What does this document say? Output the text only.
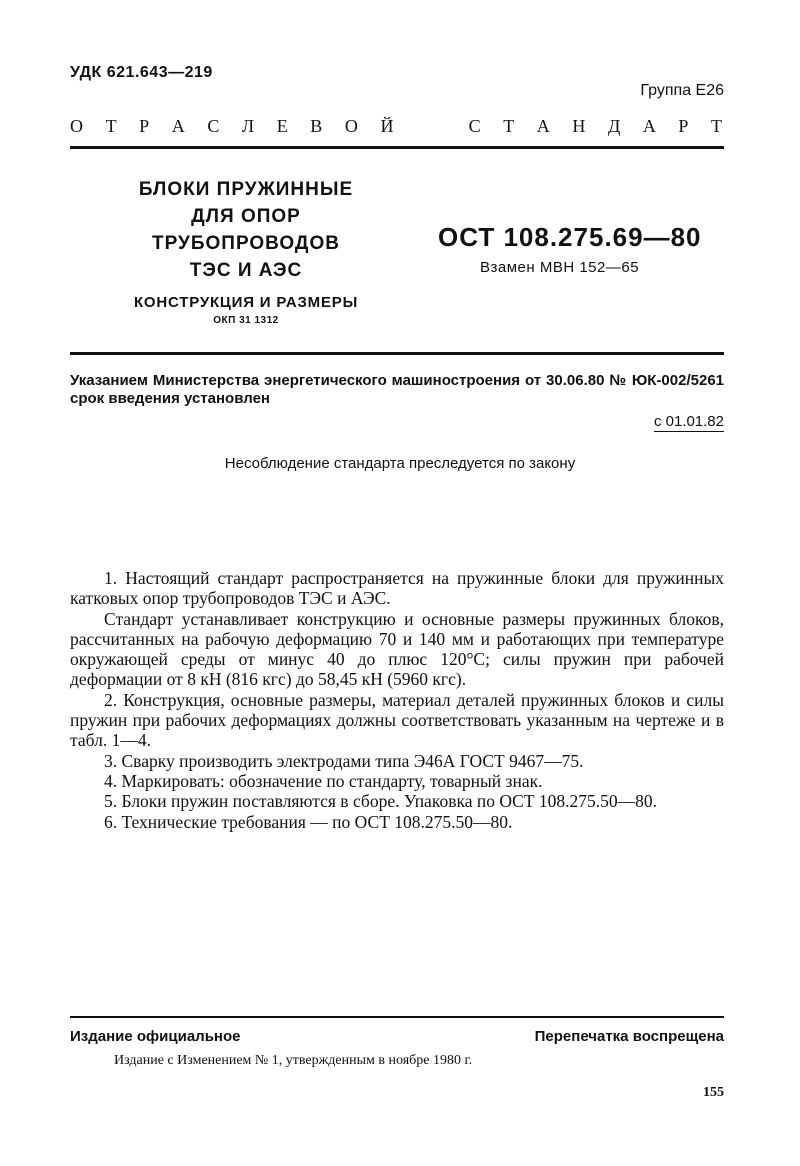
УДК 621.643—219
Группа Е26
О Т Р А С Л Е В О Й	С Т А Н Д А Р Т
БЛОКИ ПРУЖИННЫЕ
ДЛЯ ОПОР
ТРУБОПРОВОДОВ
ТЭС И АЭС
КОНСТРУКЦИЯ И РАЗМЕРЫ
ОКП 31 1312
ОСТ 108.275.69—80
Взамен МВН 152—65
Указанием Министерства энергетического машиностроения от 30.06.80 № ЮК-002/5261 срок введения установлен
с 01.01.82
Несоблюдение стандарта преследуется по закону

1. Настоящий стандарт распространяется на пружинные блоки для пружинных катковых опор трубопроводов ТЭС и АЭС.

Стандарт устанавливает конструкцию и основные размеры пружинных блоков, рассчитанных на рабочую деформацию 70 и 140 мм и работающих при температуре окружающей среды от минус 40 до плюс 120°С; силы пружин при рабочей деформации от 8 кН (816 кгс) до 58,45 кН (5960 кгс).

2. Конструкция, основные размеры, материал деталей пружинных блоков и силы пружин при рабочих деформациях должны соответствовать указанным на чертеже и в табл. 1—4.

3. Сварку производить электродами типа Э46А ГОСТ 9467—75.

4. Маркировать: обозначение по стандарту, товарный знак.

5. Блоки пружин поставляются в сборе. Упаковка по ОСТ 108.275.50—80.

6. Технические требования — по ОСТ 108.275.50—80.

Издание официальное	Перепечатка воспрещена
Издание с Изменением № 1, утвержденным в ноябре 1980 г.
155
